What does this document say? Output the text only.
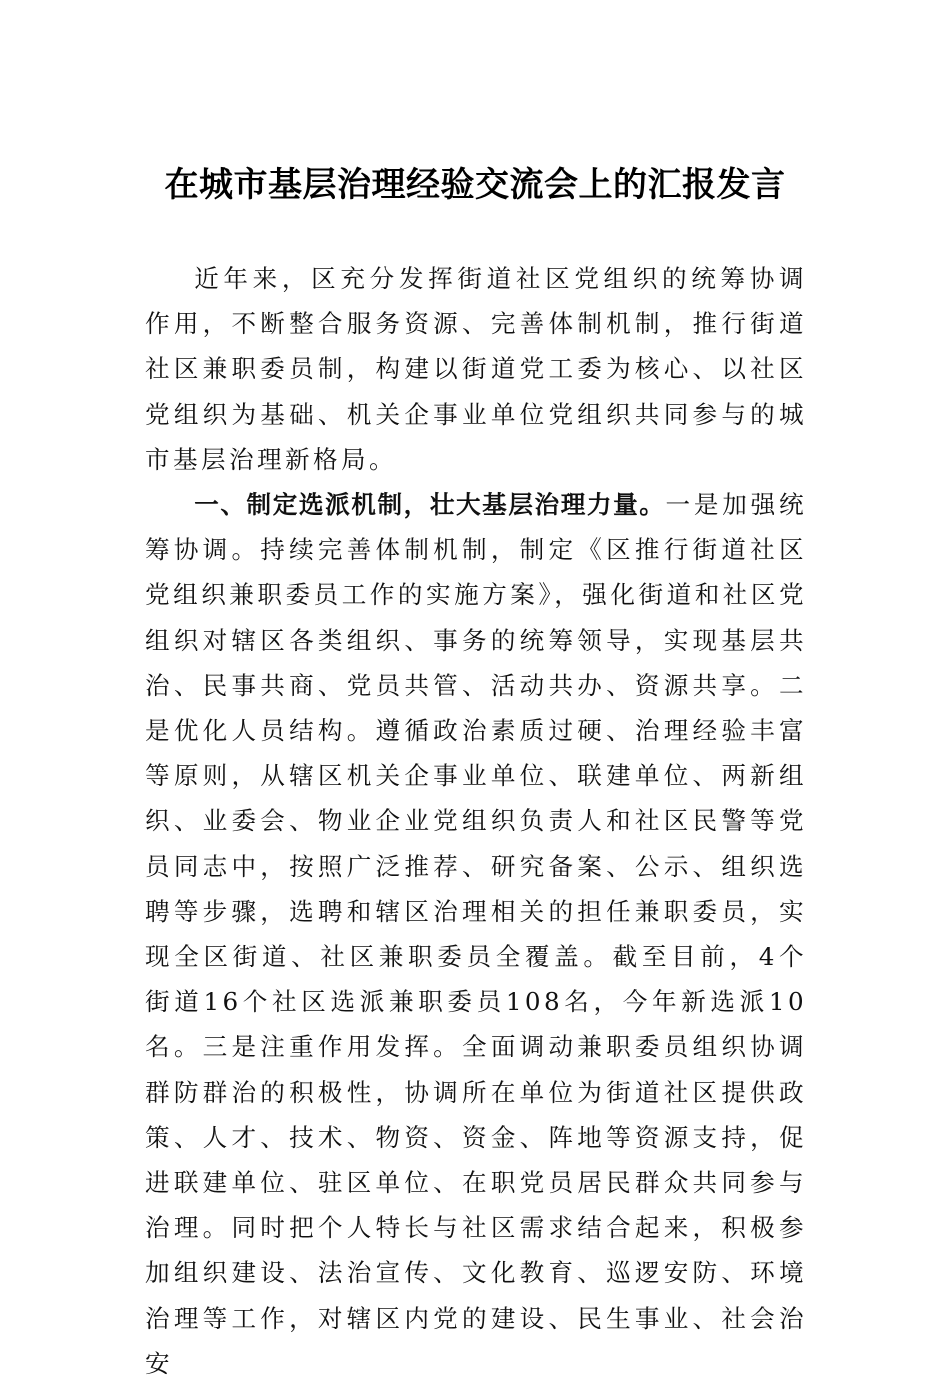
在城市基层治理经验交流会上的汇报发言

近年来，区充分发挥街道社区党组织的统筹协调作用，不断整合服务资源、完善体制机制，推行街道社区兼职委员制，构建以街道党工委为核心、以社区党组织为基础、机关企事业单位党组织共同参与的城市基层治理新格局。

一、制定选派机制，壮大基层治理力量。一是加强统筹协调。持续完善体制机制，制定《区推行街道社区党组织兼职委员工作的实施方案》，强化街道和社区党组织对辖区各类组织、事务的统筹领导，实现基层共治、民事共商、党员共管、活动共办、资源共享。二是优化人员结构。遵循政治素质过硬、治理经验丰富等原则，从辖区机关企事业单位、联建单位、两新组织、业委会、物业企业党组织负责人和社区民警等党员同志中，按照广泛推荐、研究备案、公示、组织选聘等步骤，选聘和辖区治理相关的担任兼职委员，实现全区街道、社区兼职委员全覆盖。截至目前，4个街道16个社区选派兼职委员108名，今年新选派10名。三是注重作用发挥。全面调动兼职委员组织协调群防群治的积极性，协调所在单位为街道社区提供政策、人才、技术、物资、资金、阵地等资源支持，促进联建单位、驻区单位、在职党员居民群众共同参与治理。同时把个人特长与社区需求结合起来，积极参加组织建设、法治宣传、文化教育、巡逻安防、环境治理等工作，对辖区内党的建设、民生事业、社会治安
